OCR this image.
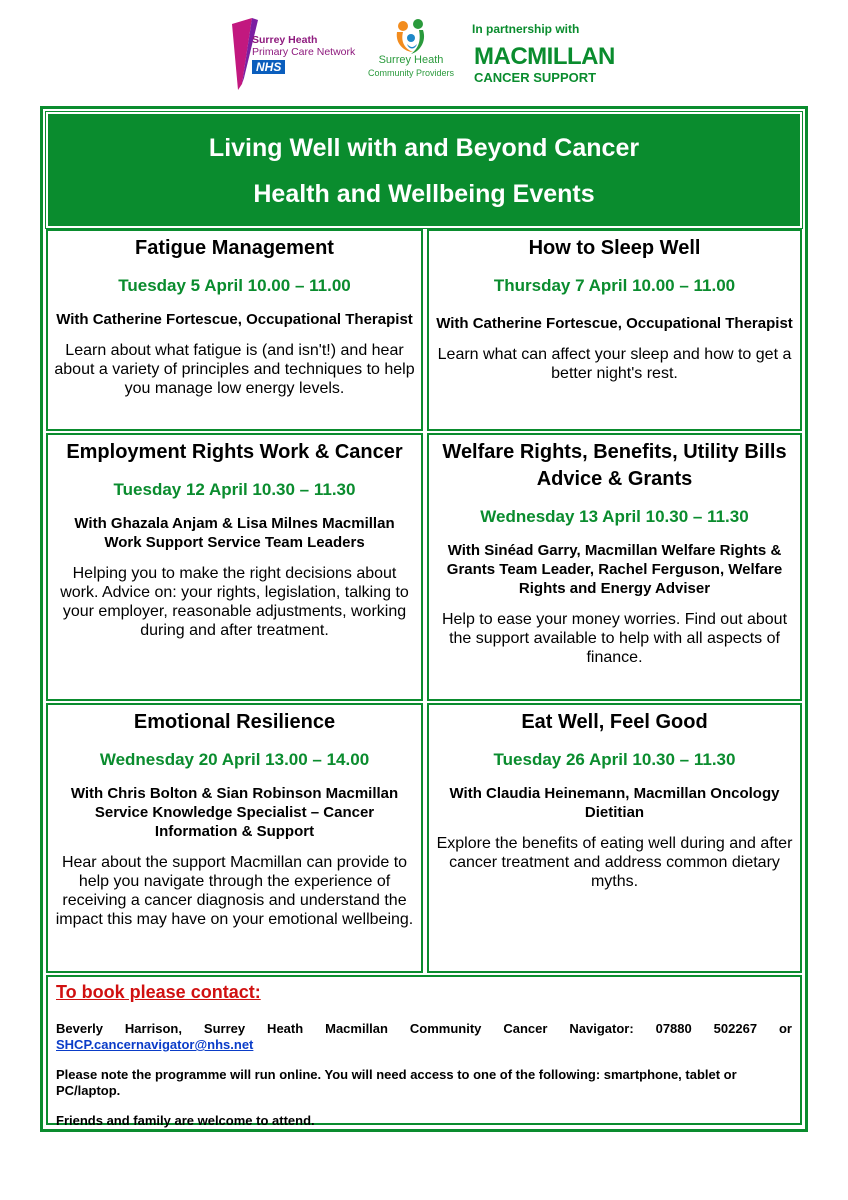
Surrey Heath
Primary Care Network
NHS	Surrey Heath
Community Providers
In partnership with
MACMILLAN
CANCER SUPPORT
Living Well with and Beyond Cancer
Health and Wellbeing Events
Fatigue Management
Tuesday 5 April 10.00 – 11.00
With Catherine Fortescue, Occupational Therapist
Learn about what fatigue is (and isn't!) and hear about a variety of principles and techniques to help you manage low energy levels.
How to Sleep Well
Thursday 7 April 10.00 – 11.00
With Catherine Fortescue, Occupational Therapist
Learn what can affect your sleep and how to get a better night's rest.
Employment Rights Work & Cancer
Tuesday 12 April 10.30 – 11.30
With Ghazala Anjam & Lisa Milnes Macmillan Work Support Service Team Leaders
Helping you to make the right decisions about work. Advice on: your rights, legislation, talking to your employer, reasonable adjustments, working during and after treatment.
Welfare Rights, Benefits, Utility Bills Advice & Grants
Wednesday 13 April 10.30 – 11.30
With Sinéad Garry, Macmillan Welfare Rights & Grants Team Leader, Rachel Ferguson, Welfare Rights and Energy Adviser
Help to ease your money worries. Find out about the support available to help with all aspects of finance.
Emotional Resilience
Wednesday 20 April 13.00 – 14.00
With Chris Bolton & Sian Robinson Macmillan Service Knowledge Specialist – Cancer Information & Support
Hear about the support Macmillan can provide to help you navigate through the experience of receiving a cancer diagnosis and understand the impact this may have on your emotional wellbeing.
Eat Well, Feel Good
Tuesday 26 April 10.30 – 11.30
With Claudia Heinemann, Macmillan Oncology Dietitian
Explore the benefits of eating well during and after cancer treatment and address common dietary myths.
To book please contact:

Beverly Harrison, Surrey Heath Macmillan Community Cancer Navigator: 07880 502267 or SHCP.cancernavigator@nhs.net

Please note the programme will run online. You will need access to one of the following: smartphone, tablet or PC/laptop.

Friends and family are welcome to attend.
